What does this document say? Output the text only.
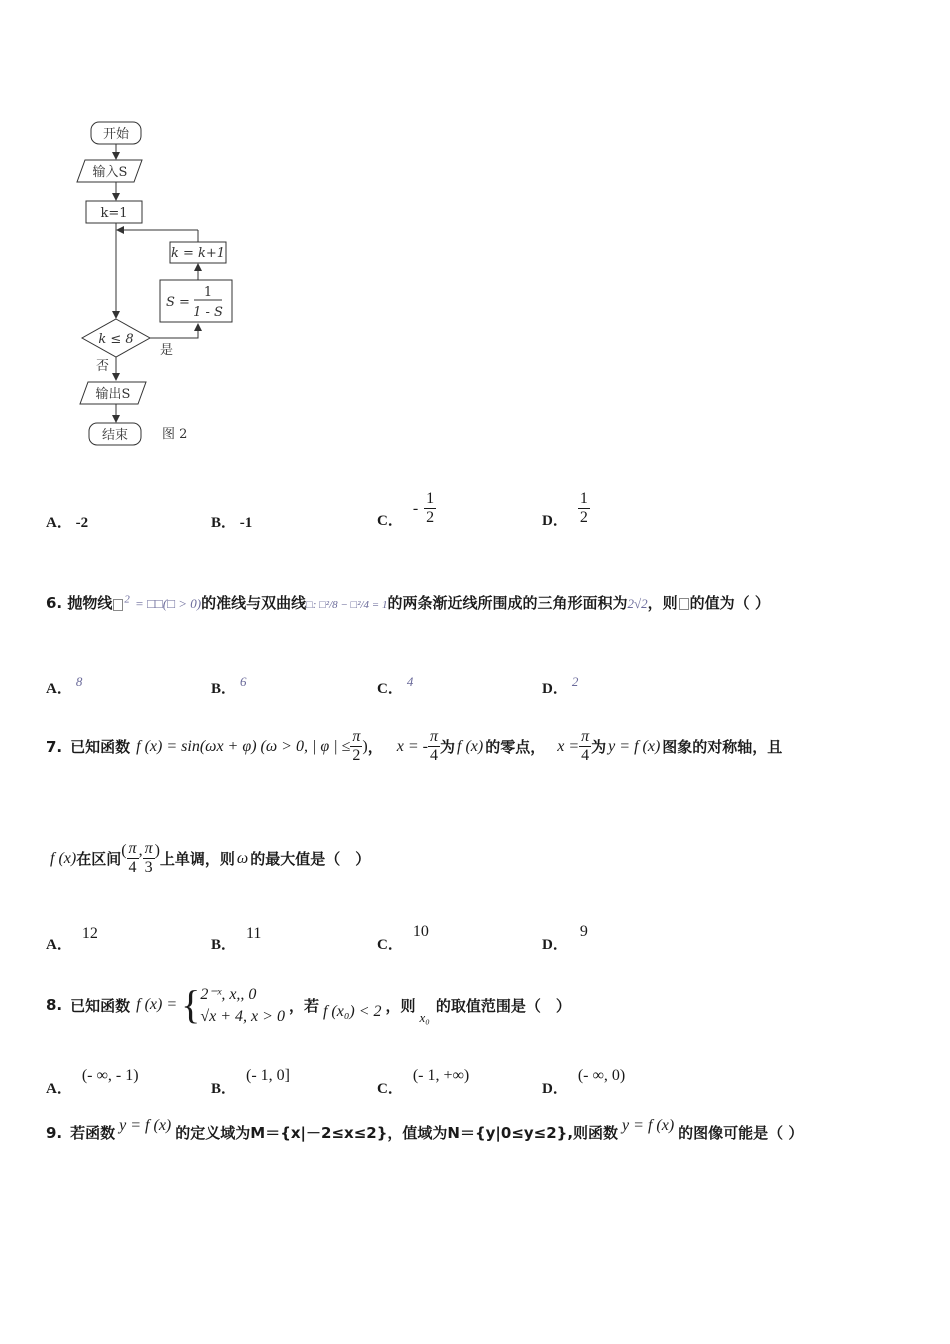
开始
输入S
k=1
k = k+1
S =
1
1 - S
k ≤ 8
是
否
输出S
结束	图 2
A． -2	B． -1	C．
- $\frac{1}{2}$	D． $\frac{1}{2}$
6. 抛物线 $^2$ = □□(□ > 0)的准线与双曲线□: □²/8 − □²/4 = 1的两条渐近线所围成的三角形面积为2√2，则 的值为（ ）
A． 8	B． 6	C． 4	D． 2
7. 已知函数 f (x) = sin(ωx + φ) (ω > 0, | φ | ≤ $\frac{\pi}{2}$ ) ， x = - $\frac{\pi}{4}$ 为 f (x) 的零点， $x = \frac{\pi}{4}$ 为 y = f (x) 图象的对称轴，且
f (x) 在区间 ( $\frac{\pi}{4}$ , $\frac{\pi}{3}$ ) 上单调，则 ω 的最大值是（　）
A．12
B．11
C．10
D．9
8. 已知函数 f (x) = { 2⁻ˣ, x,, 0
√x + 4, x > 0
，若 f (x₀) < 2 ，则
x₀
的取值范围是（　）
A．(- ∞, - 1)
B．(- 1, 0]
C．(- 1, +∞)
D．(- ∞, 0)
9. 若函数 y = f (x) 的定义域为M＝{x|－2≤x≤2}，值域为N＝{y|0≤y≤2},则函数 y = f (x) 的图像可能是（ ）
